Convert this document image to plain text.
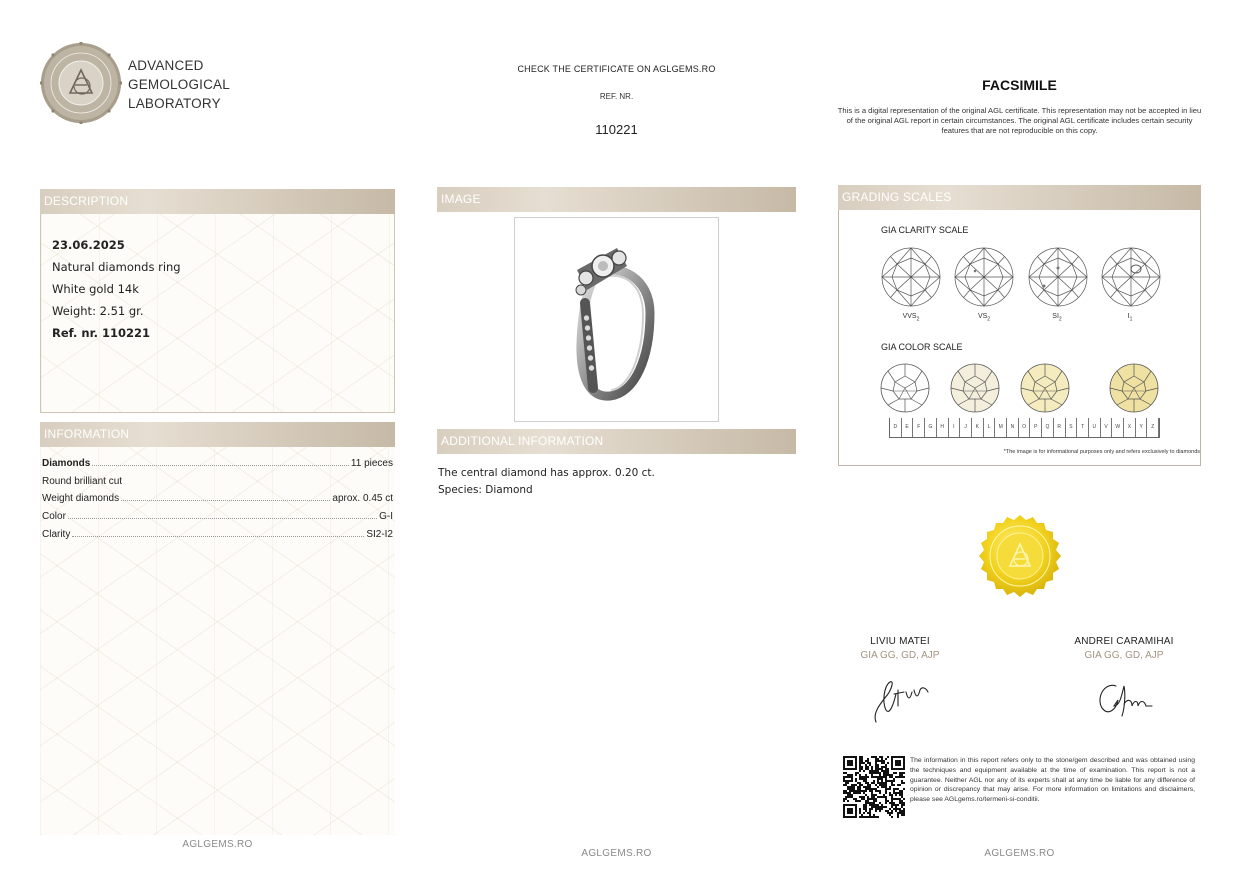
ADVANCED
GEMOLOGICAL
LABORATORY
CHECK THE CERTIFICATE ON AGLGEMS.RO
REF. NR.
110221
FACSIMILE
This is a digital representation of the original AGL certificate. This representation may not be accepted in lieu of the original AGL report in certain circumstances. The original AGL certificate includes certain security features that are not reproducible on this copy.
DESCRIPTION
23.06.2025
Natural diamonds ring
White gold 14k
Weight: 2.51 gr.
Ref. nr. 110221
INFORMATION
Diamonds	11 pieces
Round brilliant cut
Weight diamonds	aprox. 0.45 ct
Color	G-I
Clarity	SI2-I2
IMAGE
ADDITIONAL INFORMATION
The central diamond has approx. 0.20 ct.
Species: Diamond
GRADING SCALES
GIA CLARITY SCALE
$VVS_2$	$VS_2$	$SI_2$	$I_1$
GIA COLOR SCALE
D	E	F	G	H	I	J	K	L	M	N	O	P	Q	R	S	T	U	V	W	X	Y	Z
*The image is for informational purposes only and refers exclusively to diamonds
LIVIU MATEI
GIA GG, GD, AJP
ANDREI CARAMIHAI
GIA GG, GD, AJP
The information in this report refers only to the stone/gem described and was obtained using the techniques and equipment available at the time of examination. This report is not a guarantee. Neither AGL nor any of its experts shall at any time be liable for any difference of opinion or discrepancy that may arise. For more information on limitations and disclaimers, please see AGLgems.ro/termeni-si-conditii.
AGLGEMS.RO
AGLGEMS.RO	AGLGEMS.RO
